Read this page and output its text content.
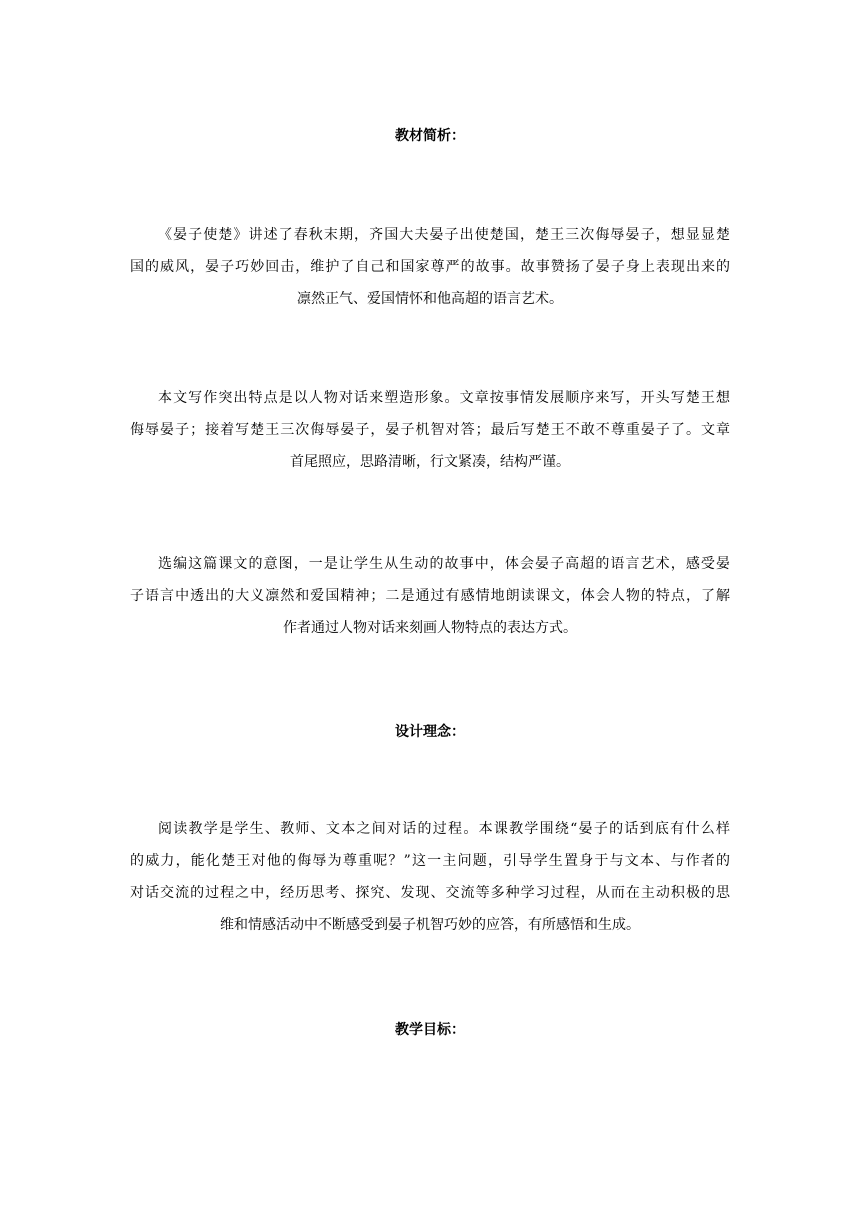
教材简析：

《晏子使楚》讲述了春秋末期，齐国大夫晏子出使楚国，楚王三次侮辱晏子，想显显楚
国的威风，晏子巧妙回击，维护了自己和国家尊严的故事。故事赞扬了晏子身上表现出来的
凛然正气、爱国情怀和他高超的语言艺术。

本文写作突出特点是以人物对话来塑造形象。文章按事情发展顺序来写，开头写楚王想
侮辱晏子；接着写楚王三次侮辱晏子，晏子机智对答；最后写楚王不敢不尊重晏子了。文章
首尾照应，思路清晰，行文紧凑，结构严谨。

选编这篇课文的意图，一是让学生从生动的故事中，体会晏子高超的语言艺术，感受晏
子语言中透出的大义凛然和爱国精神；二是通过有感情地朗读课文，体会人物的特点，了解
作者通过人物对话来刻画人物特点的表达方式。

设计理念：

阅读教学是学生、教师、文本之间对话的过程。本课教学围绕“晏子的话到底有什么样
的威力，能化楚王对他的侮辱为尊重呢？”这一主问题，引导学生置身于与文本、与作者的
对话交流的过程之中，经历思考、探究、发现、交流等多种学习过程，从而在主动积极的思
维和情感活动中不断感受到晏子机智巧妙的应答，有所感悟和生成。

教学目标：
